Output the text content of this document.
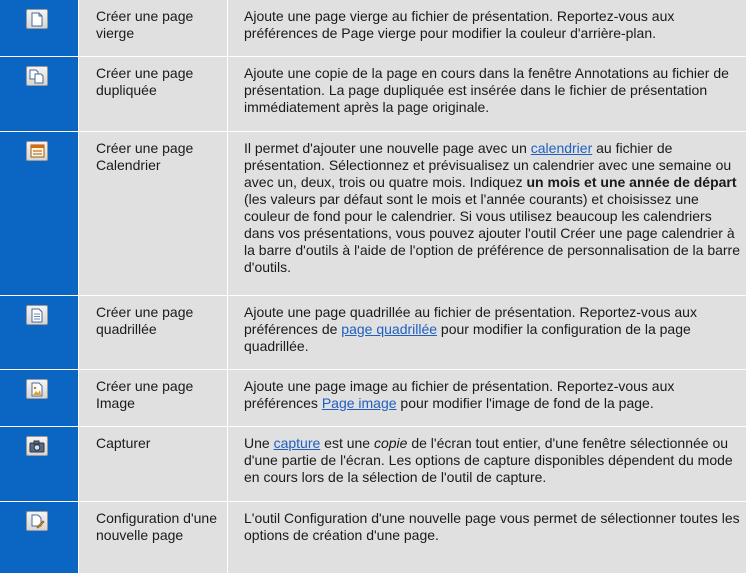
Créer une page vierge
Ajoute une page vierge au fichier de présentation. Reportez-vous aux préférences de Page vierge pour modifier la couleur d'arrière-plan.
Créer une page dupliquée
Ajoute une copie de la page en cours dans la fenêtre Annotations au fichier de présentation. La page dupliquée est insérée dans le fichier de présentation immédiatement après la page originale.
Créer une page Calendrier
Il permet d'ajouter une nouvelle page avec un calendrier au fichier de présentation. Sélectionnez et prévisualisez un calendrier avec une semaine ou avec un, deux, trois ou quatre mois. Indiquez un mois et une année de départ (les valeurs par défaut sont le mois et l'année courants) et choisissez une couleur de fond pour le calendrier. Si vous utilisez beaucoup les calendriers dans vos présentations, vous pouvez ajouter l'outil Créer une page calendrier à la barre d'outils à l'aide de l'option de préférence de personnalisation de la barre d'outils.
Créer une page quadrillée
Ajoute une page quadrillée au fichier de présentation. Reportez-vous aux préférences de page quadrillée pour modifier la configuration de la page quadrillée.
Créer une page Image
Ajoute une page image au fichier de présentation. Reportez-vous aux préférences Page image pour modifier l'image de fond de la page.
Capturer	Une capture est une copie de l'écran tout entier, d'une fenêtre sélectionnée ou d'une partie de l'écran. Les options de capture disponibles dépendent du mode en cours lors de la sélection de l'outil de capture.
Configuration d'une nouvelle page
L'outil Configuration d'une nouvelle page vous permet de sélectionner toutes les options de création d'une page.
